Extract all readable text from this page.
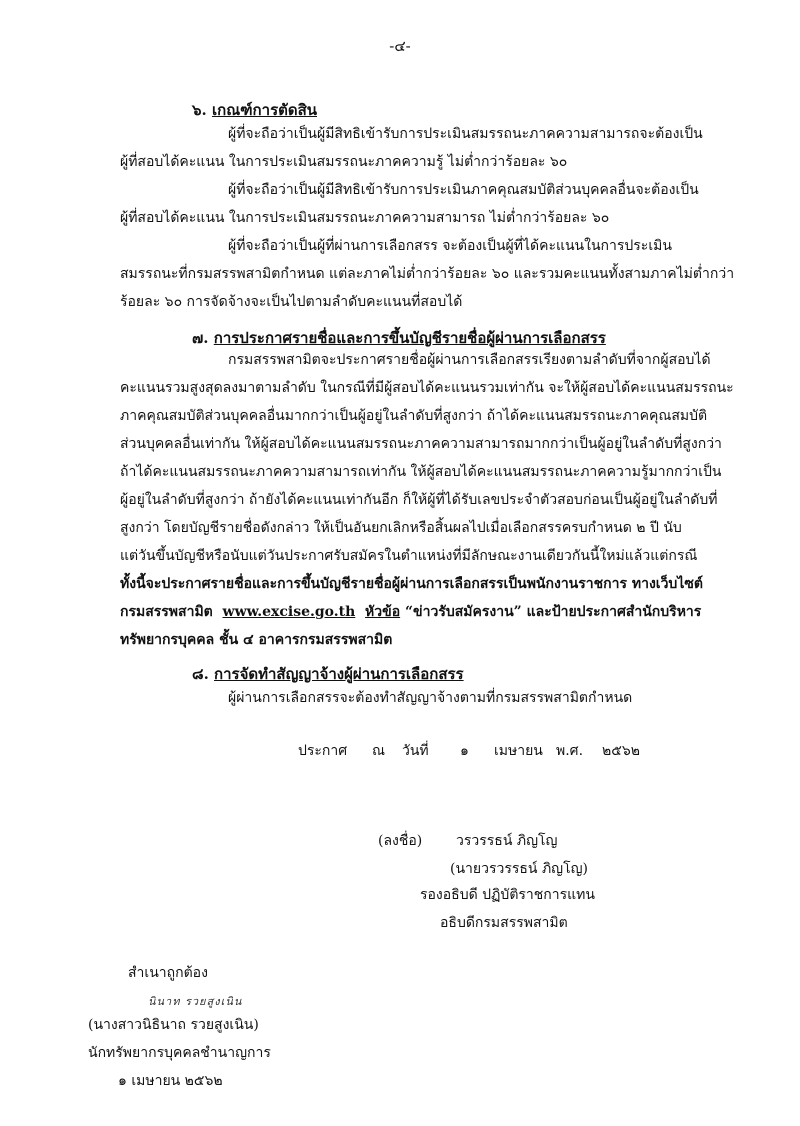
-๔-
๖. เกณฑ์การตัดสิน
ผู้ที่จะถือว่าเป็นผู้มีสิทธิเข้ารับการประเมินสมรรถนะภาคความสามารถจะต้องเป็น
ผู้ที่สอบได้คะแนน ในการประเมินสมรรถนะภาคความรู้ ไม่ต่ำกว่าร้อยละ ๖๐
ผู้ที่จะถือว่าเป็นผู้มีสิทธิเข้ารับการประเมินภาคคุณสมบัติส่วนบุคคลอื่นจะต้องเป็น
ผู้ที่สอบได้คะแนน ในการประเมินสมรรถนะภาคความสามารถ ไม่ต่ำกว่าร้อยละ ๖๐
ผู้ที่จะถือว่าเป็นผู้ที่ผ่านการเลือกสรร จะต้องเป็นผู้ที่ได้คะแนนในการประเมิน
สมรรถนะที่กรมสรรพสามิตกำหนด แต่ละภาคไม่ต่ำกว่าร้อยละ ๖๐ และรวมคะแนนทั้งสามภาคไม่ต่ำกว่า
ร้อยละ ๖๐ การจัดจ้างจะเป็นไปตามลำดับคะแนนที่สอบได้
๗. การประกาศรายชื่อและการขึ้นบัญชีรายชื่อผู้ผ่านการเลือกสรร
กรมสรรพสามิตจะประกาศรายชื่อผู้ผ่านการเลือกสรรเรียงตามลำดับที่จากผู้สอบได้
คะแนนรวมสูงสุดลงมาตามลำดับ ในกรณีที่มีผู้สอบได้คะแนนรวมเท่ากัน จะให้ผู้สอบได้คะแนนสมรรถนะ
ภาคคุณสมบัติส่วนบุคคลอื่นมากกว่าเป็นผู้อยู่ในลำดับที่สูงกว่า ถ้าได้คะแนนสมรรถนะภาคคุณสมบัติ
ส่วนบุคคลอื่นเท่ากัน ให้ผู้สอบได้คะแนนสมรรถนะภาคความสามารถมากกว่าเป็นผู้อยู่ในลำดับที่สูงกว่า
ถ้าได้คะแนนสมรรถนะภาคความสามารถเท่ากัน ให้ผู้สอบได้คะแนนสมรรถนะภาคความรู้มากกว่าเป็น
ผู้อยู่ในลำดับที่สูงกว่า ถ้ายังได้คะแนนเท่ากันอีก ก็ให้ผู้ที่ได้รับเลขประจำตัวสอบก่อนเป็นผู้อยู่ในลำดับที่
สูงกว่า โดยบัญชีรายชื่อดังกล่าว ให้เป็นอันยกเลิกหรือสิ้นผลไปเมื่อเลือกสรรครบกำหนด ๒ ปี นับ
แต่วันขึ้นบัญชีหรือนับแต่วันประกาศรับสมัครในตำแหน่งที่มีลักษณะงานเดียวกันนี้ใหม่แล้วแต่กรณี
ทั้งนี้จะประกาศรายชื่อและการขึ้นบัญชีรายชื่อผู้ผ่านการเลือกสรรเป็นพนักงานราชการ ทางเว็บไซต์
กรมสรรพสามิต www.excise.go.th หัวข้อ “ข่าวรับสมัครงาน” และป้ายประกาศสำนักบริหาร
ทรัพยากรบุคคล ชั้น ๔ อาคารกรมสรรพสามิต
๘. การจัดทำสัญญาจ้างผู้ผ่านการเลือกสรร
ผู้ผ่านการเลือกสรรจะต้องทำสัญญาจ้างตามที่กรมสรรพสามิตกำหนด
ประกาศ ณ วันที่ ๑ เมษายน พ.ศ. ๒๕๖๒
(ลงชื่อ) วรวรรธน์ ภิญโญ
(นายวรวรรธน์ ภิญโญ)
รองอธิบดี ปฏิบัติราชการแทน
อธิบดีกรมสรรพสามิต
สำเนาถูกต้อง
นินาท รวยสูงเนิน
(นางสาวนิธินาถ รวยสูงเนิน)
นักทรัพยากรบุคคลชำนาญการ
๑ เมษายน ๒๕๖๒
